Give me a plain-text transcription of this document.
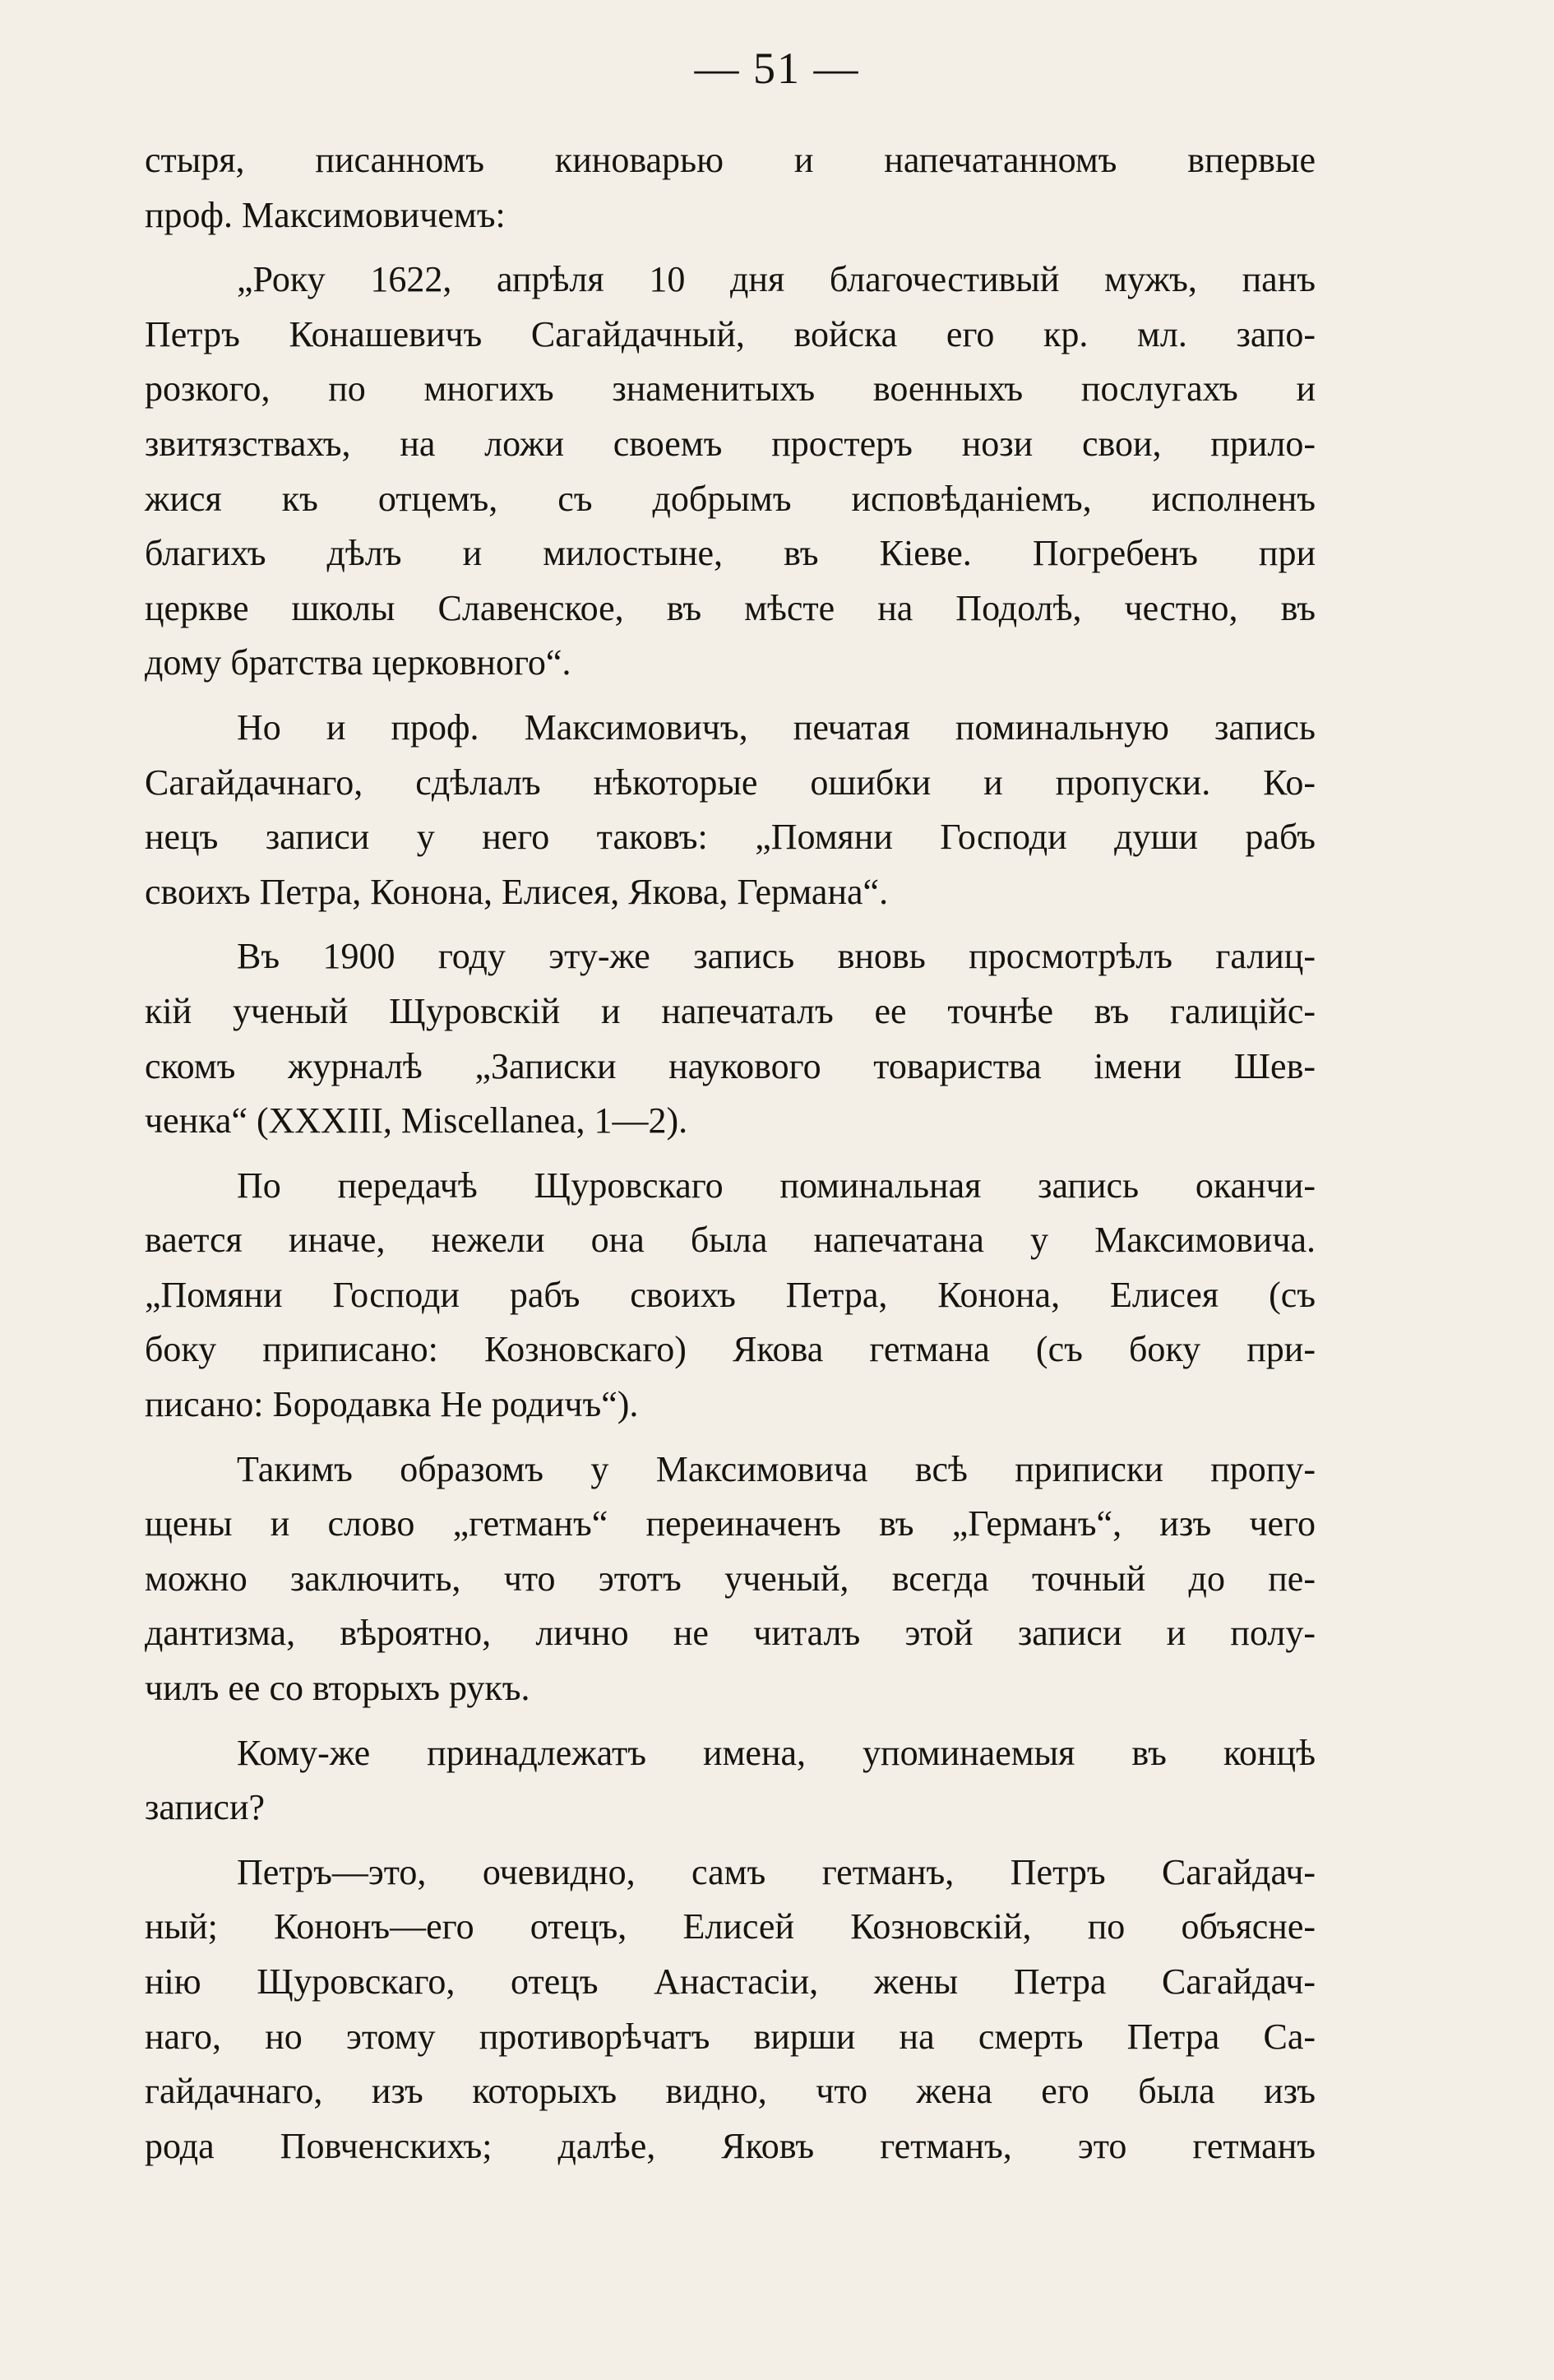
— 51 —
стыря, писанномъ киноварью и напечатанномъ впервые
проф. Максимовичемъ:
„Року 1622, апрѣля 10 дня благочестивый мужъ, панъ
Петръ Конашевичъ Сагайдачный, войска его кр. мл. запо-
розкого, по многихъ знаменитыхъ военныхъ послугахъ и
звитязствахъ, на ложи своемъ простеръ нози свои, прило-
жися къ отцемъ, съ добрымъ исповѣданіемъ, исполненъ
благихъ дѣлъ и милостыне, въ Кіеве. Погребенъ при
церкве школы Славенское, въ мѣсте на Подолѣ, честно, въ
дому братства церковного“.
Но и проф. Максимовичъ, печатая поминальную запись
Сагайдачнаго, сдѣлалъ нѣкоторые ошибки и пропуски. Ко-
нецъ записи у него таковъ: „Помяни Господи души рабъ
своихъ Петра, Конона, Елисея, Якова, Германа“.
Въ 1900 году эту-же запись вновь просмотрѣлъ галиц-
кій ученый Щуровскій и напечаталъ ее точнѣе въ галиційс-
скомъ журналѣ „Записки наукового товариства імени Шев-
ченка“ (XXXIII, Miscellanea, 1—2).
По передачѣ Щуровскаго поминальная запись оканчи-
вается иначе, нежели она была напечатана у Максимовича.
„Помяни Господи рабъ своихъ Петра, Конона, Елисея (съ
боку приписано: Козновскаго) Якова гетмана (съ боку при-
писано: Бородавка Не родичъ“).
Такимъ образомъ у Максимовича всѣ приписки пропу-
щены и слово „гетманъ“ переиначенъ въ „Германъ“, изъ чего
можно заключить, что этотъ ученый, всегда точный до пе-
дантизма, вѣроятно, лично не читалъ этой записи и полу-
чилъ ее со вторыхъ рукъ.
Кому-же принадлежатъ имена, упоминаемыя въ концѣ
записи?
Петръ—это, очевидно, самъ гетманъ, Петръ Сагайдач-
ный; Кононъ—его отецъ, Елисей Козновскій, по объясне-
нію Щуровскаго, отецъ Анастасіи, жены Петра Сагайдач-
наго, но этому противорѣчатъ вирши на смерть Петра Са-
гайдачнаго, изъ которыхъ видно, что жена его была изъ
рода Повченскихъ; далѣе, Яковъ гетманъ, это гетманъ
